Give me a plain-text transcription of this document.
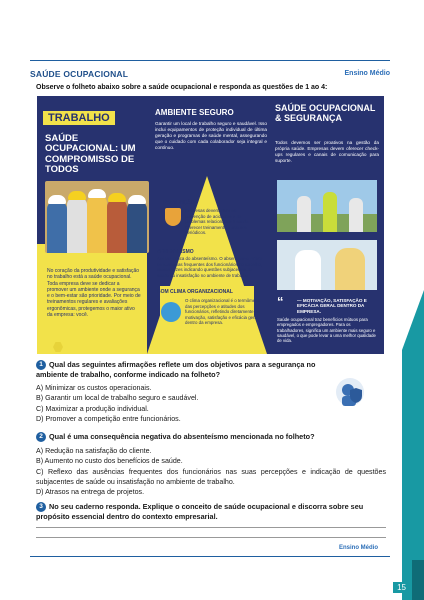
SAÚDE OCUPACIONAL	Ensino Médio
Observe o folheto abaixo sobre a saúde ocupacional e responda as questões de 1 ao 4:
TRABALHO
SAÚDE OCUPACIONAL: UM COMPROMISSO DE TODOS
No coração da produtividade e satisfação no trabalho está a saúde ocupacional. Toda empresa deve se dedicar a promover um ambiente onde a segurança e o bem-estar são prioridade. Por meio de treinamentos regulares e avaliações ergonômicas, protegemos o maior ativo da empresa: você.
AMBIENTE SEGURO
Garantir um local de trabalho seguro e saudável. Isso inclui equipamentos de proteção individual de última geração e programas de saúde mental, assegurando que o cuidado com cada colaborador seja integral e contínuo.
SAÚDE OCUPACIONAL & SEGURANÇA
Todos devemos ser proativos na gestão da própria saúde. Empresas devem oferecer check-ups regulares e canais de comunicação para suporte.
PREVENÇÃO
Empresas devem atuar na prevenção de acidentes e de problemas relacionados à saúde. Oferecer treinamento e exames periódicos.
ABSENTEÍSMO
Análise crítica do absenteísmo. O absenteísmo reflete as ausências frequentes dos funcionários no trabalho, muitas vezes indicando questões subjacentes de saúde ou insatisfação no ambiente de trabalho.
BOM CLIMA ORGANIZACIONAL
O clima organizacional é o termômetro das percepções e atitudes dos funcionários, refletindo diretamente na motivação, satisfação e eficácia geral dentro da empresa.
“	— MOTIVAÇÃO, SATISFAÇÃO E EFICÁCIA GERAL DENTRO DA EMPRESA.
Saúde ocupacional traz benefícios mútuos para empregados e empregadores. Para os trabalhadores, significa um ambiente mais seguro e saudável, o que pode levar a uma melhor qualidade de vida.
1 Qual das seguintes afirmações reflete um dos objetivos para a segurança no ambiente de trabalho, conforme indicado na folheto?
A) Minimizar os custos operacionais.
B) Garantir um local de trabalho seguro e saudável.
C) Maximizar a produção individual.
D) Promover a competição entre funcionários.
2 Qual é uma consequência negativa do absenteísmo mencionada no folheto?
A) Redução na satisfação do cliente.
B) Aumento no custo dos benefícios de saúde.
C) Reflexo das ausências frequentes dos funcionários nas suas percepções e indicação de questões subjacentes de saúde ou insatisfação no ambiente de trabalho.
D) Atrasos na entrega de projetos.
3 No seu caderno responda. Explique o conceito de saúde ocupacional e discorra sobre seu propósito essencial dentro do contexto empresarial.
Ensino Médio
15
